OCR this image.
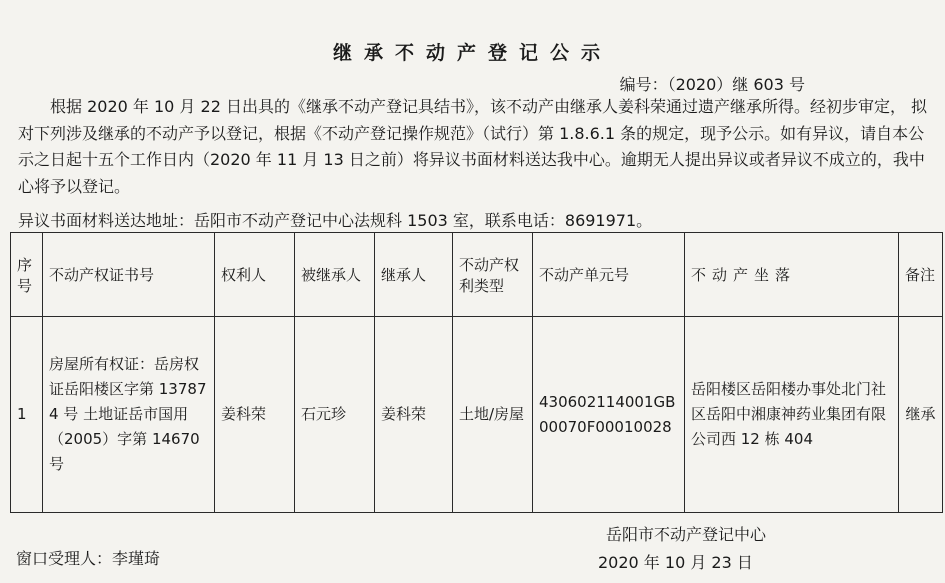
继承不动产登记公示
编号：（2020）继 603 号

根据 2020 年 10 月 22 日出具的《继承不动产登记具结书》，该不动产由继承人姜科荣通过遗产继承所得。经初步审定， 拟对下列涉及继承的不动产予以登记，根据《不动产登记操作规范》（试行）第 1.8.6.1 条的规定，现予公示。如有异议，请自本公示之日起十五个工作日内（2020 年 11 月 13 日之前）将异议书面材料送达我中心。逾期无人提出异议或者异议不成立的，我中心将予以登记。

异议书面材料送达地址：岳阳市不动产登记中心法规科 1503 室，联系电话：8691971。
序号	不动产权证书号	权利人	被继承人	继承人	不动产权利类型	不动产单元号	不动产坐落	备注
1	房屋所有权证：岳房权证岳阳楼区字第 137874 号 土地证岳市国用（2005）字第 14670 号	姜科荣	石元珍	姜科荣	土地/房屋	430602114001GB00070F00010028	岳阳楼区岳阳楼办事处北门社区岳阳中湘康神药业集团有限公司西 12 栋 404	继承
岳阳市不动产登记中心
2020 年 10 月 23 日
窗口受理人：李瑾琦
